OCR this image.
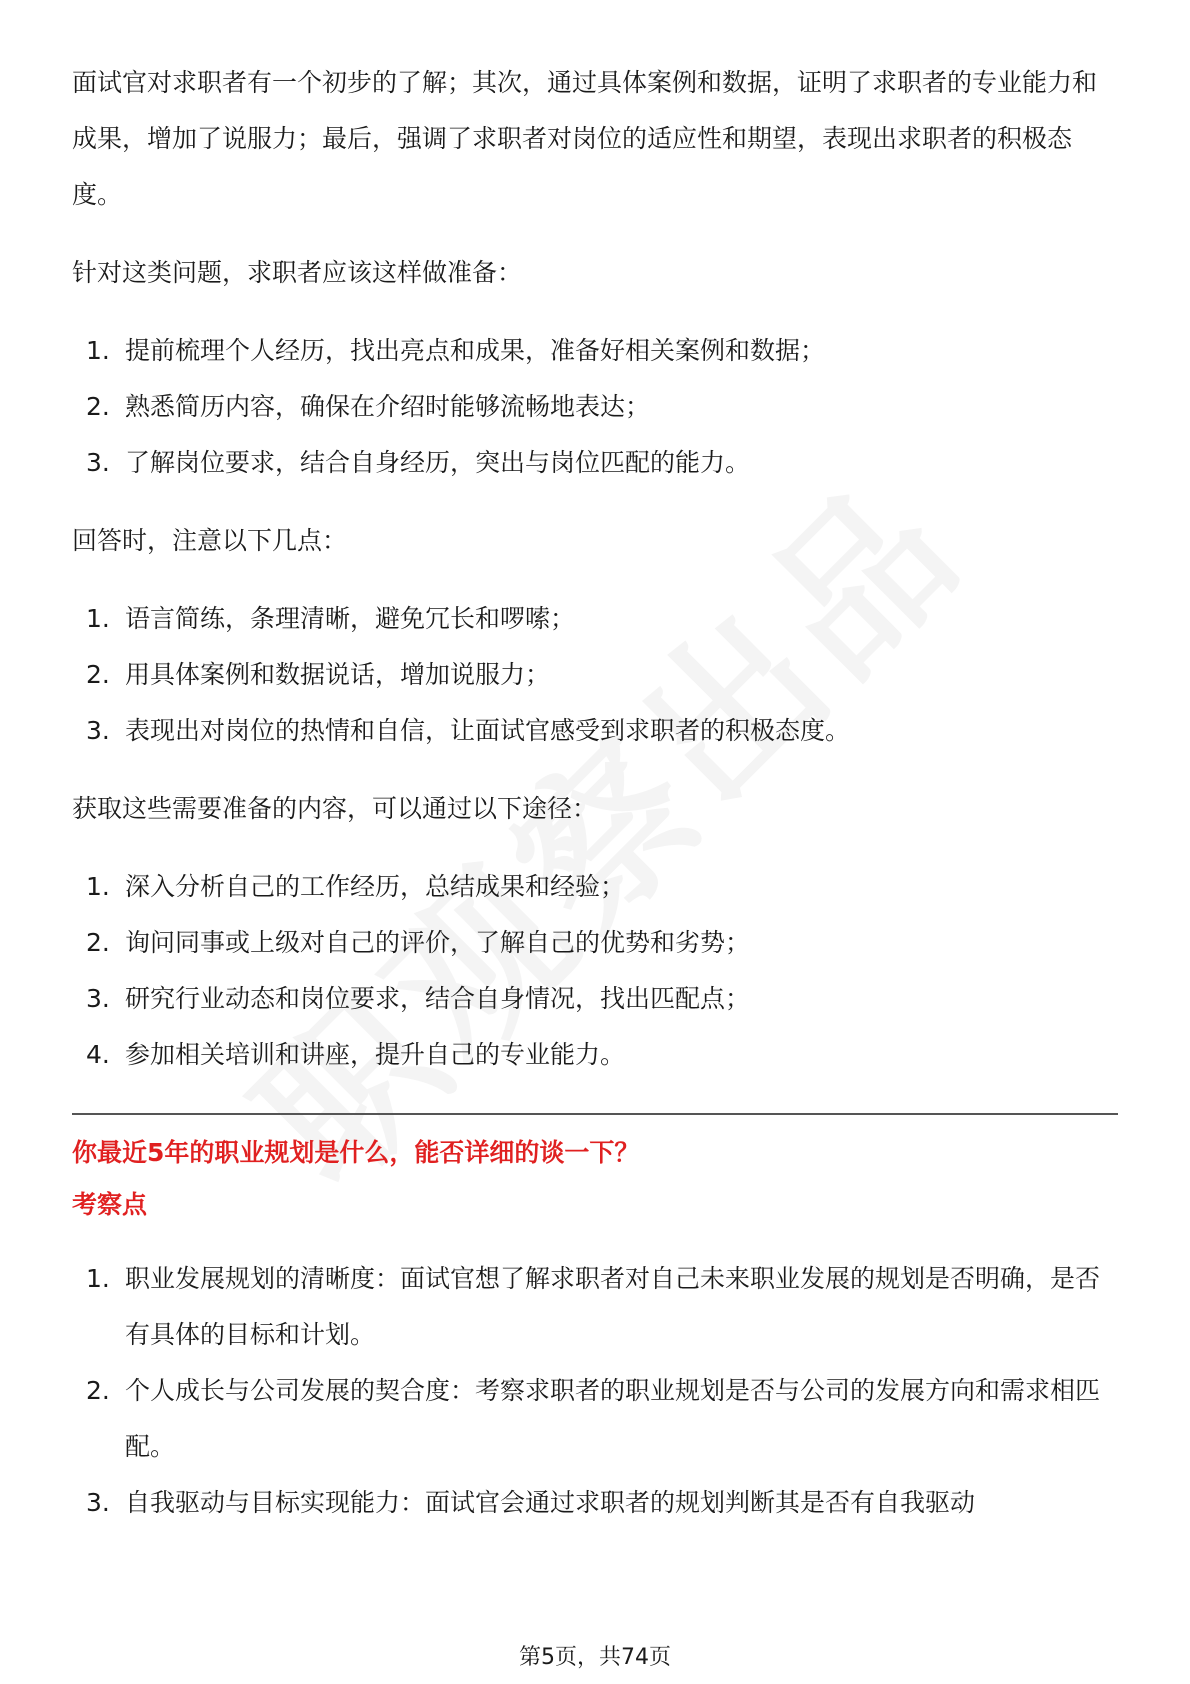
面试官对求职者有一个初步的了解；其次，通过具体案例和数据，证明了求职者的专业能力和成果，增加了说服力；最后，强调了求职者对岗位的适应性和期望，表现出求职者的积极态度。

针对这类问题，求职者应该这样做准备：

1. 提前梳理个人经历，找出亮点和成果，准备好相关案例和数据；
2. 熟悉简历内容，确保在介绍时能够流畅地表达；
3. 了解岗位要求，结合自身经历，突出与岗位匹配的能力。

回答时，注意以下几点：

1. 语言简练，条理清晰，避免冗长和啰嗦；
2. 用具体案例和数据说话，增加说服力；
3. 表现出对岗位的热情和自信，让面试官感受到求职者的积极态度。

获取这些需要准备的内容，可以通过以下途径：

1. 深入分析自己的工作经历，总结成果和经验；
2. 询问同事或上级对自己的评价，了解自己的优势和劣势；
3. 研究行业动态和岗位要求，结合自身情况，找出匹配点；
4. 参加相关培训和讲座，提升自己的专业能力。

你最近5年的职业规划是什么，能否详细的谈一下？

考察点

1. 职业发展规划的清晰度：面试官想了解求职者对自己未来职业发展的规划是否明确，是否有具体的目标和计划。
2. 个人成长与公司发展的契合度：考察求职者的职业规划是否与公司的发展方向和需求相匹配。
3. 自我驱动与目标实现能力：面试官会通过求职者的规划判断其是否有自我驱动
第5页，共74页
